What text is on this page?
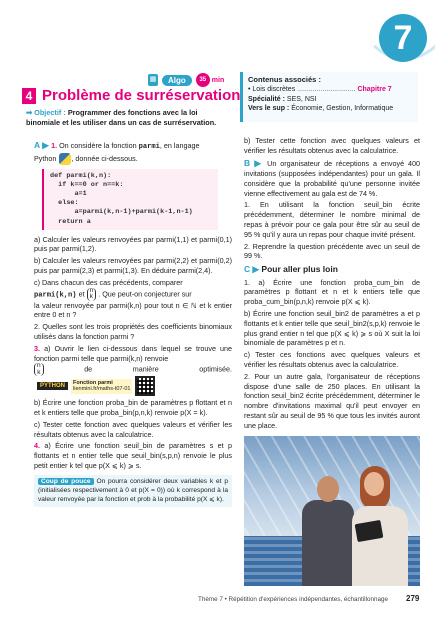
7
▦	Algo	35 min
4 Problème de surréservation
➡ Objectif : Programmer des fonctions avec la loi binomiale et les utiliser dans un cas de surréservation.
Contenus associés :
• Lois discrètes .............................. Chapitre 7
Spécialité : SES, NSI
Vers le sup : Économie, Gestion, Informatique

A ▶ 1. On considère la fonction parmi, en langage

Python , donnée ci-dessous.

def parmi(k,n):
if k==0 or n==k:
a=1
else:
a=parmi(k,n-1)+parmi(k-1,n-1)
return a

a) Calculer les valeurs renvoyées par parmi(1,1) et parmi(0,1) puis par parmi(1,2).

b) Calculer les valeurs renvoyées par parmi(2,2) et parmi(0,2) puis par parmi(2,3) et parmi(1,3). En déduire parmi(2,4).

c) Dans chacun des cas précédents, comparer
parmi(k,n) et n
k . Que peut-on conjecturer sur
la valeur renvoyée par parmi(k,n) pour tout n ∈ ℕ et k entier entre 0 et n ?

2. Quelles sont les trois propriétés des coefficients binomiaux utilisés dans la fonction parmi ?

3. a) Ouvrir le lien ci-dessous dans lequel se trouve une fonction parmi telle que parmi(k,n) renvoie

n
k	de manière optimisée.
PYTHON
Fonction parmi
lienmini.fr/maths-t07-01

b) Écrire une fonction proba_bin de paramètres p flottant et n et k entiers telle que proba_bin(p,n,k) renvoie p(X = k).

c) Tester cette fonction avec quelques valeurs et vérifier les résultats obtenus avec la calculatrice.

4. a) Écrire une fonction seuil_bin de paramètres s et p flottants et n entier telle que seuil_bin(s,p,n) renvoie le plus petit entier k tel que p(X ⩽ k) ⩾ s.

Coup de pouce On pourra considérer deux variables k et p (initialisées respectivement à 0 et p(X = 0)) où k correspond à la valeur renvoyée par la fonction et prob à la probabilité p(X ⩽ k).

b) Tester cette fonction avec quelques valeurs et vérifier les résultats obtenus avec la calculatrice.

B ▶ Un organisateur de réceptions a envoyé 400 invitations (supposées indépendantes) pour un gala. Il considère que la probabilité qu'une personne invitée vienne effectivement au gala est de 74 %.

1. En utilisant la fonction seuil_bin écrite précédemment, déterminer le nombre minimal de repas à prévoir pour ce gala pour être sûr au seuil de 95 % qu'il y aura un repas pour chaque invité présent.

2. Reprendre la question précédente avec un seuil de 99 %.

C ▶ Pour aller plus loin

1. a) Écrire une fonction proba_cum_bin de paramètres p flottant et n et k entiers telle que proba_cum_bin(p,n,k) renvoie p(X ⩽ k).

b) Écrire une fonction seuil_bin2 de paramètres a et p flottants et k entier telle que seuil_bin2(s,p,k) renvoie le plus grand entier n tel que p(X ⩽ k) ⩾ s où X suit la loi binomiale de paramètres p et n.

c) Tester ces fonctions avec quelques valeurs et vérifier les résultats obtenus avec la calculatrice.

2. Pour un autre gala, l'organisateur de réceptions dispose d'une salle de 250 places. En utilisant la fonction seuil_bin2 écrite précédemment, déterminer le nombre d'invitations maximal qu'il peut envoyer en restant sûr au seuil de 95 % que tous les invités auront une place.

Thème 7 • Répétition d'expériences indépendantes, échantillonnage 279
